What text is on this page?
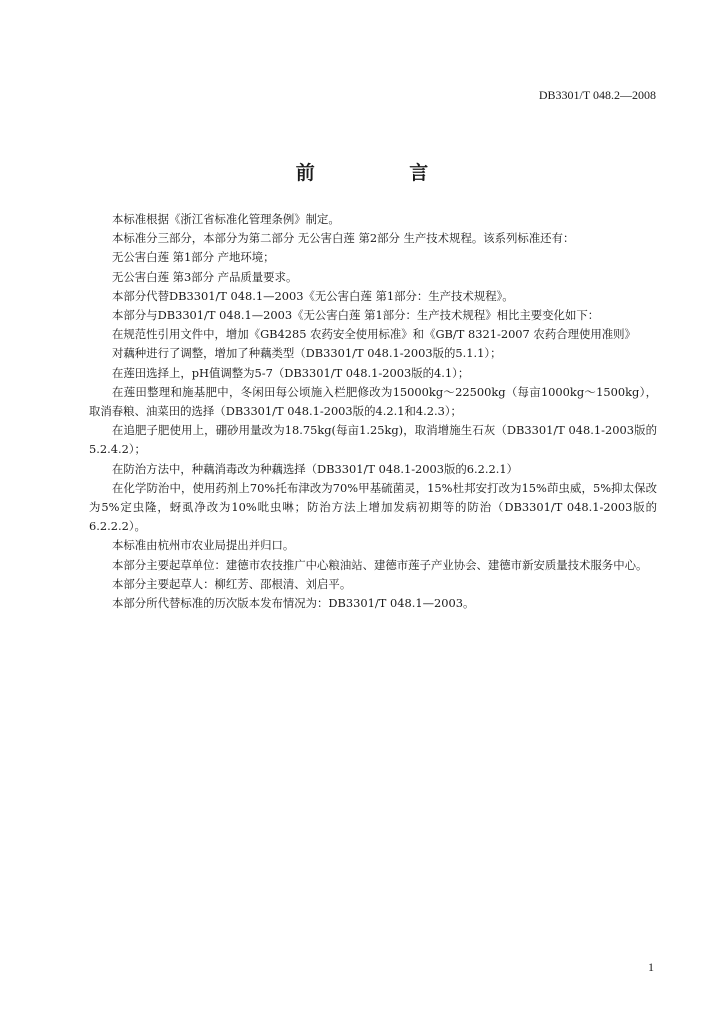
DB3301/T 048.2—2008
前 言

本标准根据《浙江省标准化管理条例》制定。

本标准分三部分，本部分为第二部分 无公害白莲 第2部分 生产技术规程。该系列标准还有：

无公害白莲 第1部分 产地环境；

无公害白莲 第3部分 产品质量要求。

本部分代替DB3301/T 048.1—2003《无公害白莲 第1部分：生产技术规程》。

本部分与DB3301/T 048.1—2003《无公害白莲 第1部分：生产技术规程》相比主要变化如下：

在规范性引用文件中，增加《GB4285 农药安全使用标准》和《GB/T 8321-2007 农药合理使用准则》

对藕种进行了调整，增加了种藕类型（DB3301/T 048.1-2003版的5.1.1）；

在莲田选择上，pH值调整为5-7（DB3301/T 048.1-2003版的4.1）；

在莲田整理和施基肥中，冬闲田每公顷施入栏肥修改为15000kg～22500kg（每亩1000kg～1500kg），取消春粮、油菜田的选择（DB3301/T 048.1-2003版的4.2.1和4.2.3）；

在追肥子肥使用上，硼砂用量改为18.75kg(每亩1.25kg)，取消增施生石灰（DB3301/T 048.1-2003版的5.2.4.2）；

在防治方法中，种藕消毒改为种藕选择（DB3301/T 048.1-2003版的6.2.2.1）

在化学防治中，使用药剂上70%托布津改为70%甲基硫菌灵，15%杜邦安打改为15%茚虫威，5%抑太保改为5%定虫隆，蚜虱净改为10%吡虫啉；防治方法上增加发病初期等的防治（DB3301/T 048.1-2003版的6.2.2.2）。

本标准由杭州市农业局提出并归口。

本部分主要起草单位：建德市农技推广中心粮油站、建德市莲子产业协会、建德市新安质量技术服务中心。

本部分主要起草人：柳红芳、邵根清、刘启平。

本部分所代替标准的历次版本发布情况为：DB3301/T 048.1—2003。

1
